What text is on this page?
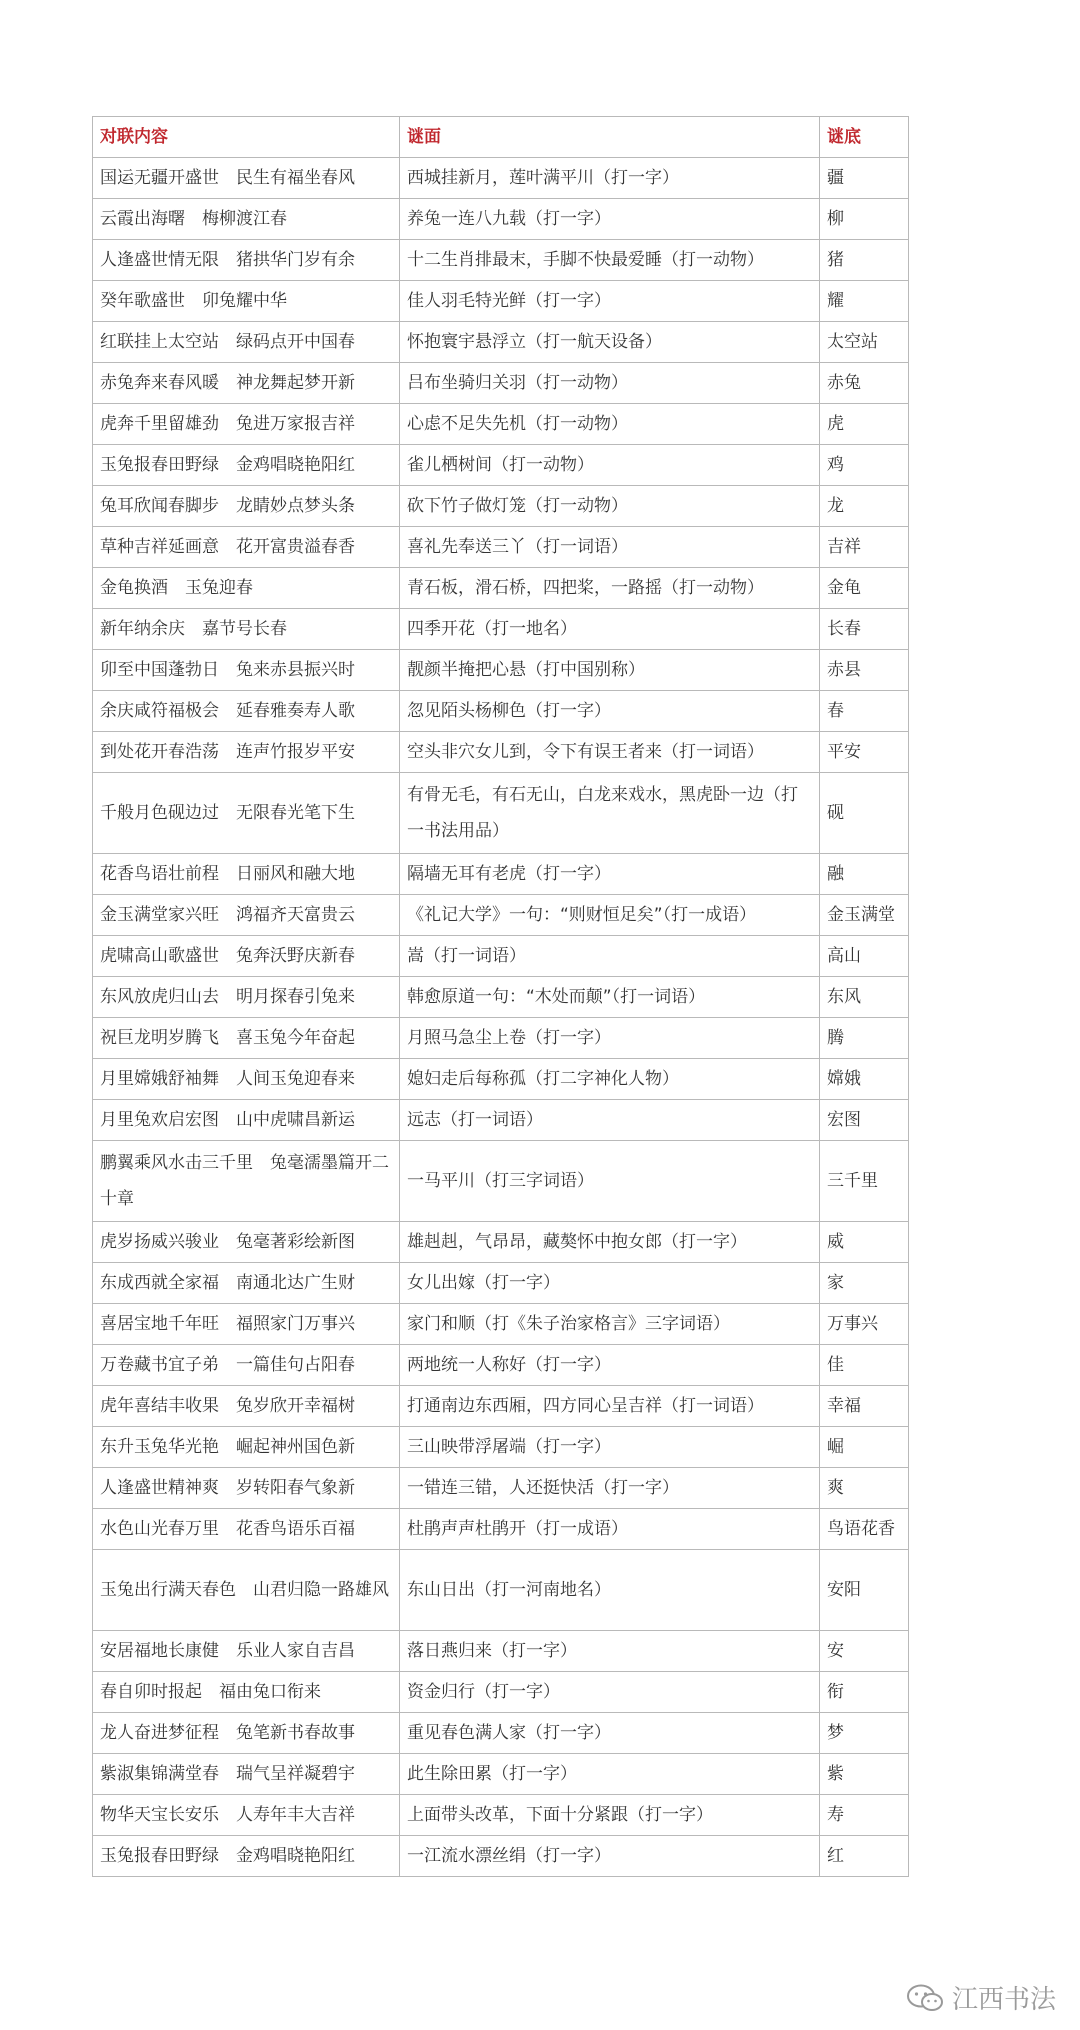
对联内容	谜面	谜底
国运无疆开盛世　民生有福坐春风	西城挂新月，莲叶满平川（打一字）	疆
云霞出海曙　梅柳渡江春	养兔一连八九载（打一字）	柳
人逢盛世情无限　猪拱华门岁有余	十二生肖排最末，手脚不快最爱睡（打一动物）	猪
癸年歌盛世　卯兔耀中华	佳人羽毛特光鲜（打一字）	耀
红联挂上太空站　绿码点开中国春	怀抱寰宇悬浮立（打一航天设备）	太空站
赤兔奔来春风暖　神龙舞起梦开新	吕布坐骑归关羽（打一动物）	赤兔
虎奔千里留雄劲　兔进万家报吉祥	心虑不足失先机（打一动物）	虎
玉兔报春田野绿　金鸡唱晓艳阳红	雀儿栖树间（打一动物）	鸡
兔耳欣闻春脚步　龙睛妙点梦头条	砍下竹子做灯笼（打一动物）	龙
草种吉祥延画意　花开富贵溢春香	喜礼先奉送三丫（打一词语）	吉祥
金龟换酒　玉兔迎春	青石板，滑石桥，四把桨，一路摇（打一动物）	金龟
新年纳余庆　嘉节号长春	四季开花（打一地名）	长春
卯至中国蓬勃日　兔来赤县振兴时	靓颜半掩把心悬（打中国别称）	赤县
余庆咸符福极会　延春雅奏寿人歌	忽见陌头杨柳色（打一字）	春
到处花开春浩荡　连声竹报岁平安	空头非穴女儿到，令下有误王者来（打一词语）	平安
千般月色砚边过　无限春光笔下生	有骨无毛，有石无山，白龙来戏水，黑虎卧一边（打一书法用品）	砚
花香鸟语壮前程　日丽风和融大地	隔墙无耳有老虎（打一字）	融
金玉满堂家兴旺　鸿福齐天富贵云	《礼记大学》一句：“则财恒足矣”（打一成语）	金玉满堂
虎啸高山歌盛世　兔奔沃野庆新春	嵩（打一词语）	高山
东风放虎归山去　明月探春引兔来	韩愈原道一句：“木处而颠”（打一词语）	东风
祝巨龙明岁腾飞　喜玉兔今年奋起	月照马急尘上卷（打一字）	腾
月里嫦娥舒袖舞　人间玉兔迎春来	媳妇走后每称孤（打二字神化人物）	嫦娥
月里兔欢启宏图　山中虎啸昌新运	远志（打一词语）	宏图
鹏翼乘风水击三千里　兔毫濡墨篇开二十章	一马平川（打三字词语）	三千里
虎岁扬威兴骏业　兔毫著彩绘新图	雄赳赳，气昂昂，藏獒怀中抱女郎（打一字）	威
东成西就全家福　南通北达广生财	女儿出嫁（打一字）	家
喜居宝地千年旺　福照家门万事兴	家门和顺（打《朱子治家格言》三字词语）	万事兴
万卷藏书宜子弟　一篇佳句占阳春	两地统一人称好（打一字）	佳
虎年喜结丰收果　兔岁欣开幸福树	打通南边东西厢，四方同心呈吉祥（打一词语）	幸福
东升玉兔华光艳　崛起神州国色新	三山映带浮屠端（打一字）	崛
人逢盛世精神爽　岁转阳春气象新	一错连三错，人还挺快活（打一字）	爽
水色山光春万里　花香鸟语乐百福	杜鹃声声杜鹃开（打一成语）	鸟语花香
玉兔出行满天春色　山君归隐一路雄风	东山日出（打一河南地名）	安阳
安居福地长康健　乐业人家自吉昌	落日燕归来（打一字）	安
春自卯时报起　福由兔口衔来	资金归行（打一字）	衔
龙人奋进梦征程　兔笔新书春故事	重见春色满人家（打一字）	梦
紫淑集锦满堂春　瑞气呈祥凝碧宇	此生除田累（打一字）	紫
物华天宝长安乐　人寿年丰大吉祥	上面带头改革，下面十分紧跟（打一字）	寿
玉兔报春田野绿　金鸡唱晓艳阳红	一江流水漂丝绢（打一字）	红
江西书法
